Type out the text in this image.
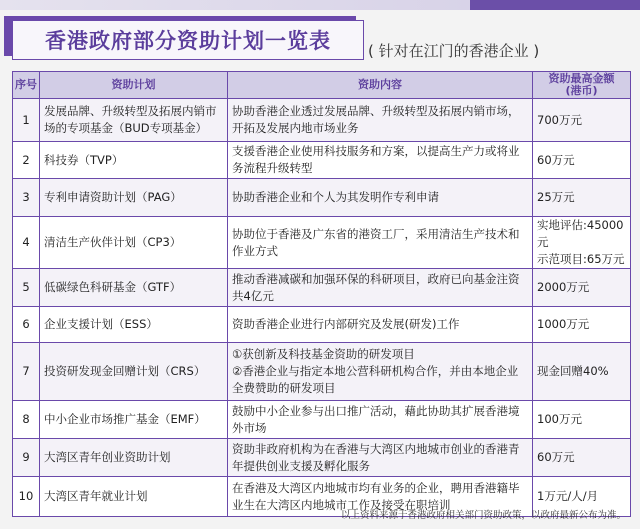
香港政府部分资助计划一览表 ( 针对在江门的香港企业 )
序号	资助计划	资助内容	资助最高金额
(港币)

1	发展品牌、升级转型及拓展内销市场的专项基金（BUD专项基金）	协助香港企业透过发展品牌、升级转型及拓展内销市场，开拓及发展内地市场业务	700万元
2	科技券（TVP）	支援香港企业使用科技服务和方案，以提高生产力或将业务流程升级转型	60万元
3	专利申请资助计划（PAG）	协助香港企业和个人为其发明作专利申请	25万元
4	清洁生产伙伴计划（CP3）	协助位于香港及广东省的港资工厂，采用清洁生产技术和作业方式	实地评估:45000元
示范项目:65万元
5	低碳绿色科研基金（GTF）	推动香港减碳和加强环保的科研项目，政府已向基金注资共4亿元	2000万元
6	企业支援计划（ESS）	资助香港企业进行内部研究及发展(研发)工作	1000万元
7	投资研发现金回赠计划（CRS）	①获创新及科技基金资助的研发项目
②香港企业与指定本地公营科研机构合作，并由本地企业全费赞助的研发项目	现金回赠40%
8	中小企业市场推广基金（EMF）	鼓励中小企业参与出口推广活动，藉此协助其扩展香港境外市场	100万元
9	大湾区青年创业资助计划	资助非政府机构为在香港与大湾区内地城市创业的香港青年提供创业支援及孵化服务	60万元
10	大湾区青年就业计划	在香港及大湾区内地城市均有业务的企业，聘用香港籍毕业生在大湾区内地城市工作及接受在职培训	1万元/人/月
以上资料来源于香港政府相关部门资助政策，以政府最新公布为准。
